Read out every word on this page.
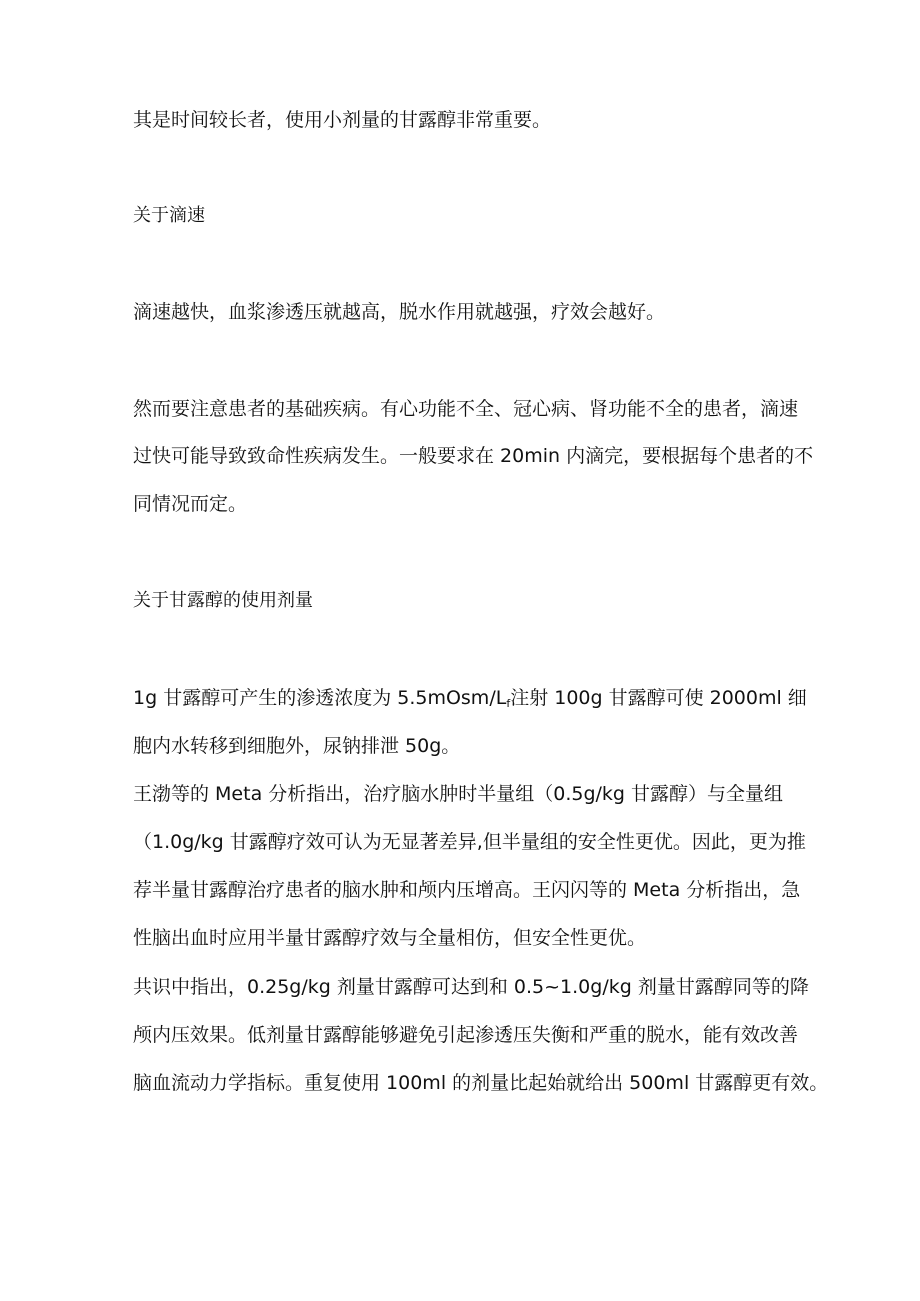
其是时间较长者，使用小剂量的甘露醇非常重要。
关于滴速
滴速越快，血浆渗透压就越高，脱水作用就越强，疗效会越好。
然而要注意患者的基础疾病。有心功能不全、冠心病、肾功能不全的患者，滴速
过快可能导致致命性疾病发生。一般要求在 20min 内滴完，要根据每个患者的不
同情况而定。
关于甘露醇的使用剂量
1g 甘露醇可产生的渗透浓度为 $5.5mOsm/L_f$注射 100g 甘露醇可使 2000ml 细
胞内水转移到细胞外，尿钠排泄 50g。
王渤等的 Meta 分析指出，治疗脑水肿时半量组（0.5g/kg 甘露醇）与全量组
（1.0g/kg 甘露醇疗效可认为无显著差异,但半量组的安全性更优。因此，更为推
荐半量甘露醇治疗患者的脑水肿和颅内压增高。王闪闪等的 Meta 分析指出，急
性脑出血时应用半量甘露醇疗效与全量相仿，但安全性更优。
共识中指出，0.25g/kg 剂量甘露醇可达到和 0.5~1.0g/kg 剂量甘露醇同等的降
颅内压效果。低剂量甘露醇能够避免引起渗透压失衡和严重的脱水，能有效改善
脑血流动力学指标。重复使用 100ml 的剂量比起始就给出 500ml 甘露醇更有效。
